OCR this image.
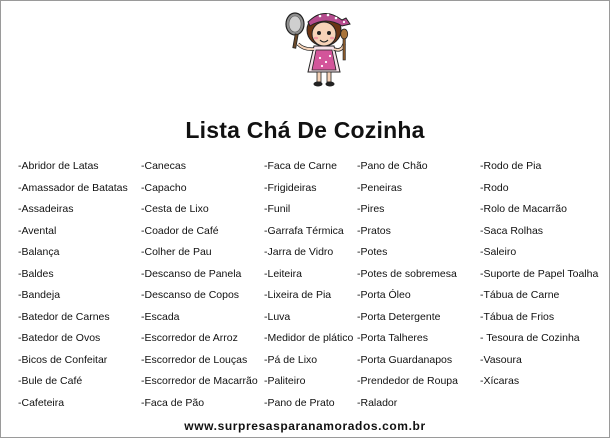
Lista Chá De Cozinha
-Abridor de Latas
-Amassador de Batatas
-Assadeiras
-Avental
-Balança
-Baldes
-Bandeja
-Batedor de Carnes
-Batedor de Ovos
-Bicos de Confeitar
-Bule de Café
-Cafeteira
-Canecas
-Capacho
-Cesta de Lixo
-Coador de Café
-Colher de Pau
-Descanso de Panela
-Descanso de Copos
-Escada
-Escorredor de Arroz
-Escorredor de Louças
-Escorredor de Macarrão
-Faca de Pão
-Faca de Carne
-Frigideiras
-Funil
-Garrafa Térmica
-Jarra de Vidro
-Leiteira
-Lixeira de Pia
-Luva
-Medidor de plático
-Pá de Lixo
-Paliteiro
-Pano de Prato
-Pano de Chão
-Peneiras
-Pires
-Pratos
-Potes
-Potes de sobremesa
-Porta Óleo
-Porta Detergente
-Porta Talheres
-Porta Guardanapos
-Prendedor de Roupa
-Ralador
-Rodo de Pia
-Rodo
-Rolo de Macarrão
-Saca Rolhas
-Saleiro
-Suporte de Papel Toalha
-Tábua de Carne
-Tábua de Frios
- Tesoura de Cozinha
-Vasoura
-Xícaras
www.surpresasparanamorados.com.br
